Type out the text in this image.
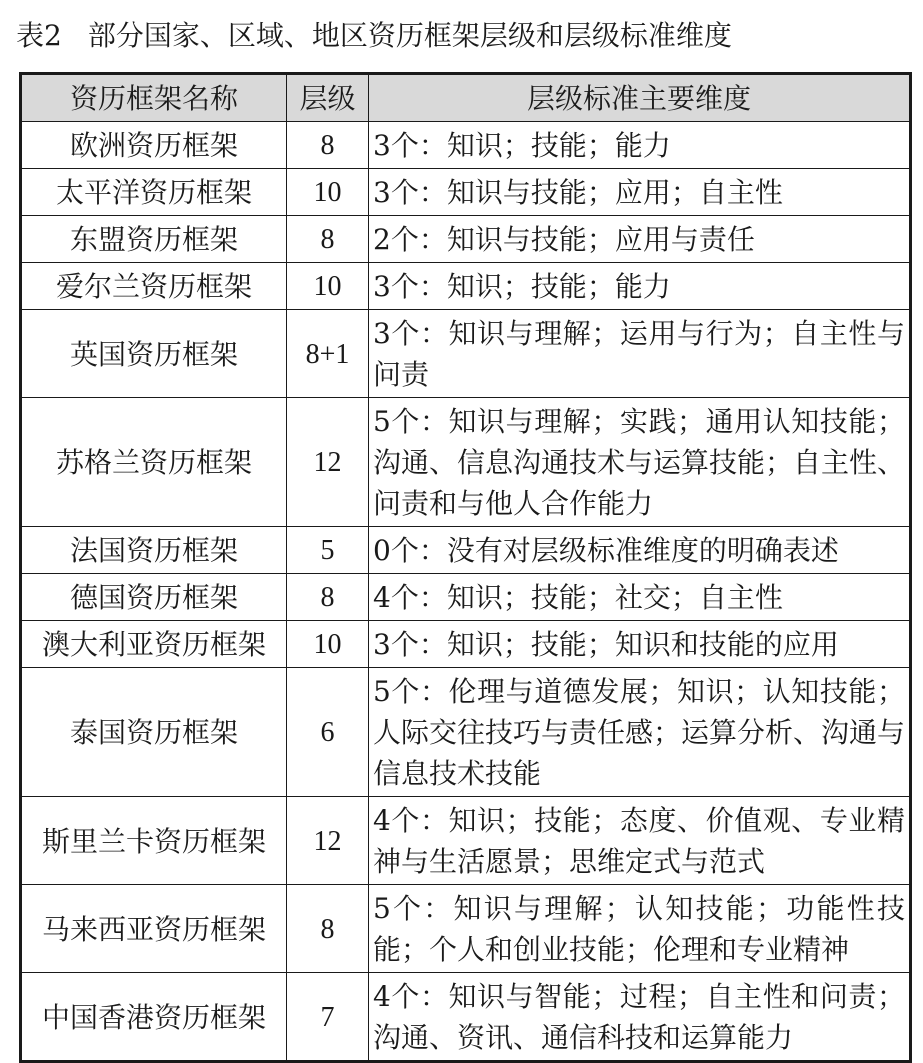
表2 部分国家、区域、地区资历框架层级和层级标准维度
资历框架名称	层级	层级标准主要维度
欧洲资历框架	8	3个：知识；技能；能力
太平洋资历框架	10	3个：知识与技能；应用；自主性
东盟资历框架	8	2个：知识与技能；应用与责任
爱尔兰资历框架	10	3个：知识；技能；能力
英国资历框架	8+1	3个：知识与理解；运用与行为；自主性与问责
苏格兰资历框架	12	5个：知识与理解；实践；通用认知技能；沟通、信息沟通技术与运算技能；自主性、问责和与他人合作能力
法国资历框架	5	0个：没有对层级标准维度的明确表述
德国资历框架	8	4个：知识；技能；社交；自主性
澳大利亚资历框架	10	3个：知识；技能；知识和技能的应用
泰国资历框架	6	5个：伦理与道德发展；知识；认知技能；人际交往技巧与责任感；运算分析、沟通与信息技术技能
斯里兰卡资历框架	12	4个：知识；技能；态度、价值观、专业精神与生活愿景；思维定式与范式
马来西亚资历框架	8	5个：知识与理解；认知技能；功能性技能；个人和创业技能；伦理和专业精神
中国香港资历框架	7	4个：知识与智能；过程；自主性和问责；沟通、资讯、通信科技和运算能力
